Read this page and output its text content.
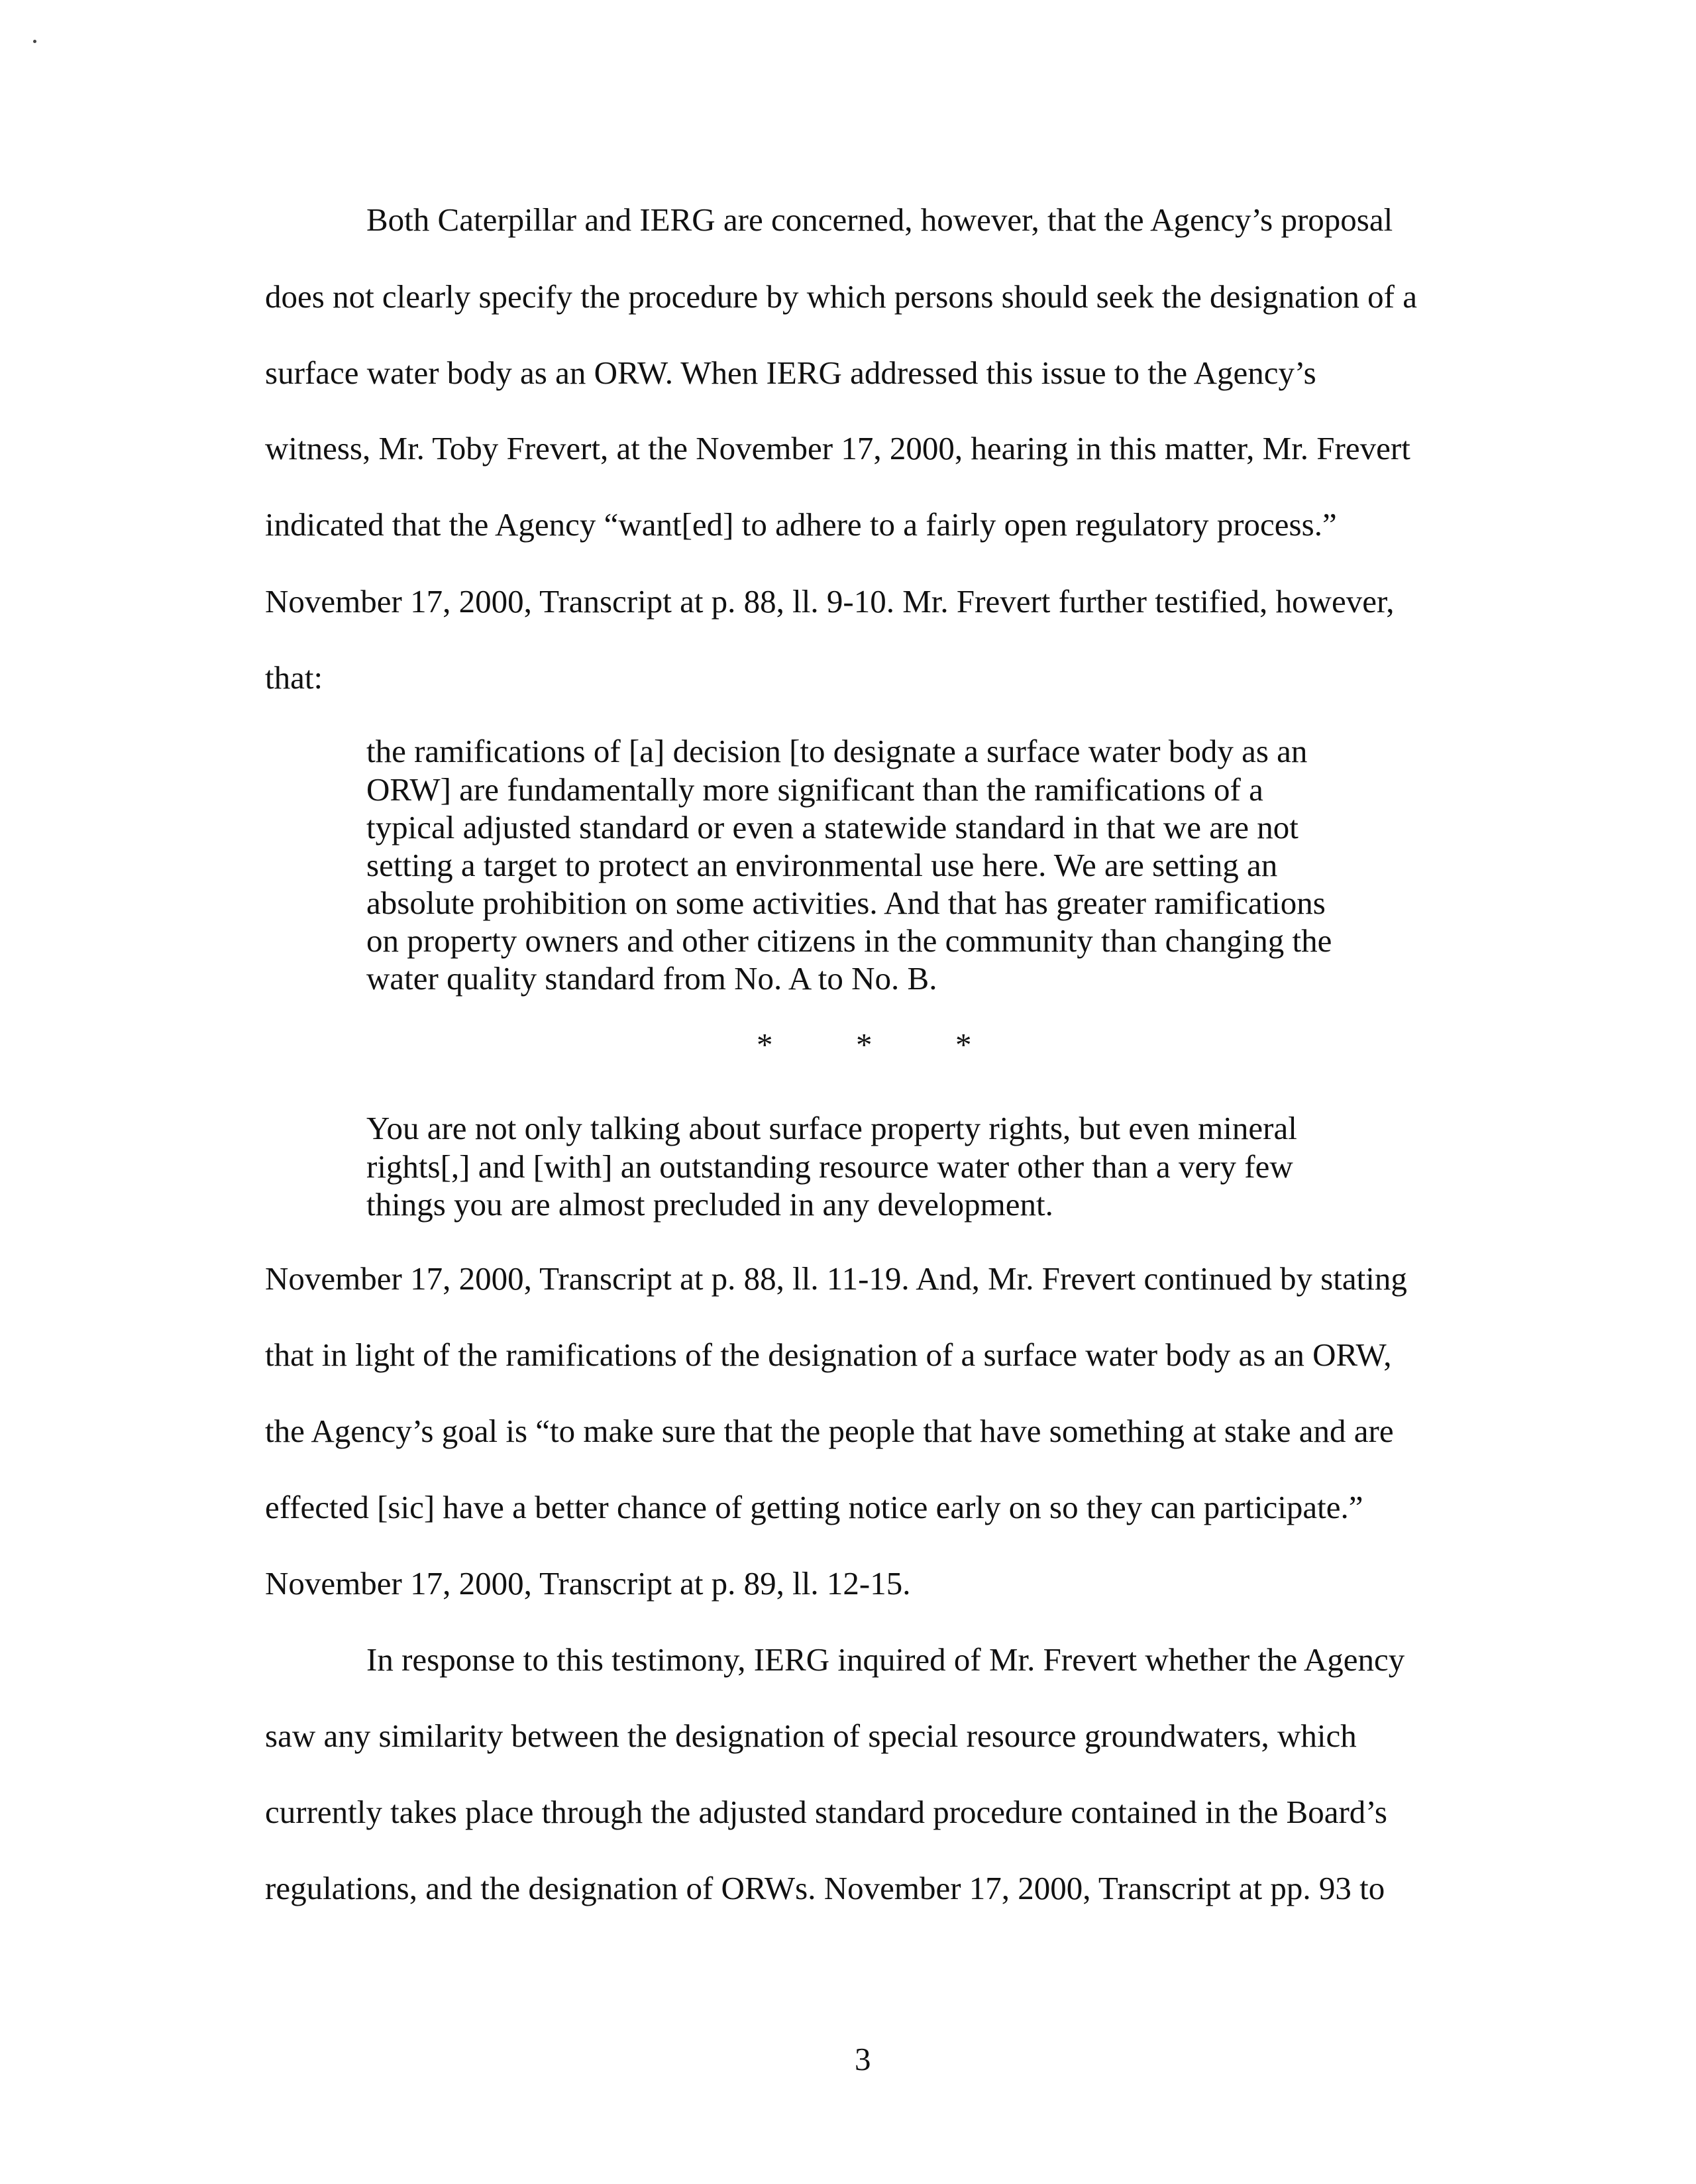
Both Caterpillar and IERG are concerned, however, that the Agency’s proposal
does not clearly specify the procedure by which persons should seek the designation of a
surface water body as an ORW. When IERG addressed this issue to the Agency’s
witness, Mr. Toby Frevert, at the November 17, 2000, hearing in this matter, Mr. Frevert
indicated that the Agency “want[ed] to adhere to a fairly open regulatory process.”
November 17, 2000, Transcript at p. 88, ll. 9-10. Mr. Frevert further testified, however,
that:
the ramifications of [a] decision [to designate a surface water body as an
ORW] are fundamentally more significant than the ramifications of a
typical adjusted standard or even a statewide standard in that we are not
setting a target to protect an environmental use here. We are setting an
absolute prohibition on some activities. And that has greater ramifications
on property owners and other citizens in the community than changing the
water quality standard from No. A to No. B.
*	*	*
You are not only talking about surface property rights, but even mineral
rights[,] and [with] an outstanding resource water other than a very few
things you are almost precluded in any development.
November 17, 2000, Transcript at p. 88, ll. 11-19. And, Mr. Frevert continued by stating
that in light of the ramifications of the designation of a surface water body as an ORW,
the Agency’s goal is “to make sure that the people that have something at stake and are
effected [sic] have a better chance of getting notice early on so they can participate.”
November 17, 2000, Transcript at p. 89, ll. 12-15.
In response to this testimony, IERG inquired of Mr. Frevert whether the Agency
saw any similarity between the designation of special resource groundwaters, which
currently takes place through the adjusted standard procedure contained in the Board’s
regulations, and the designation of ORWs. November 17, 2000, Transcript at pp. 93 to
3
